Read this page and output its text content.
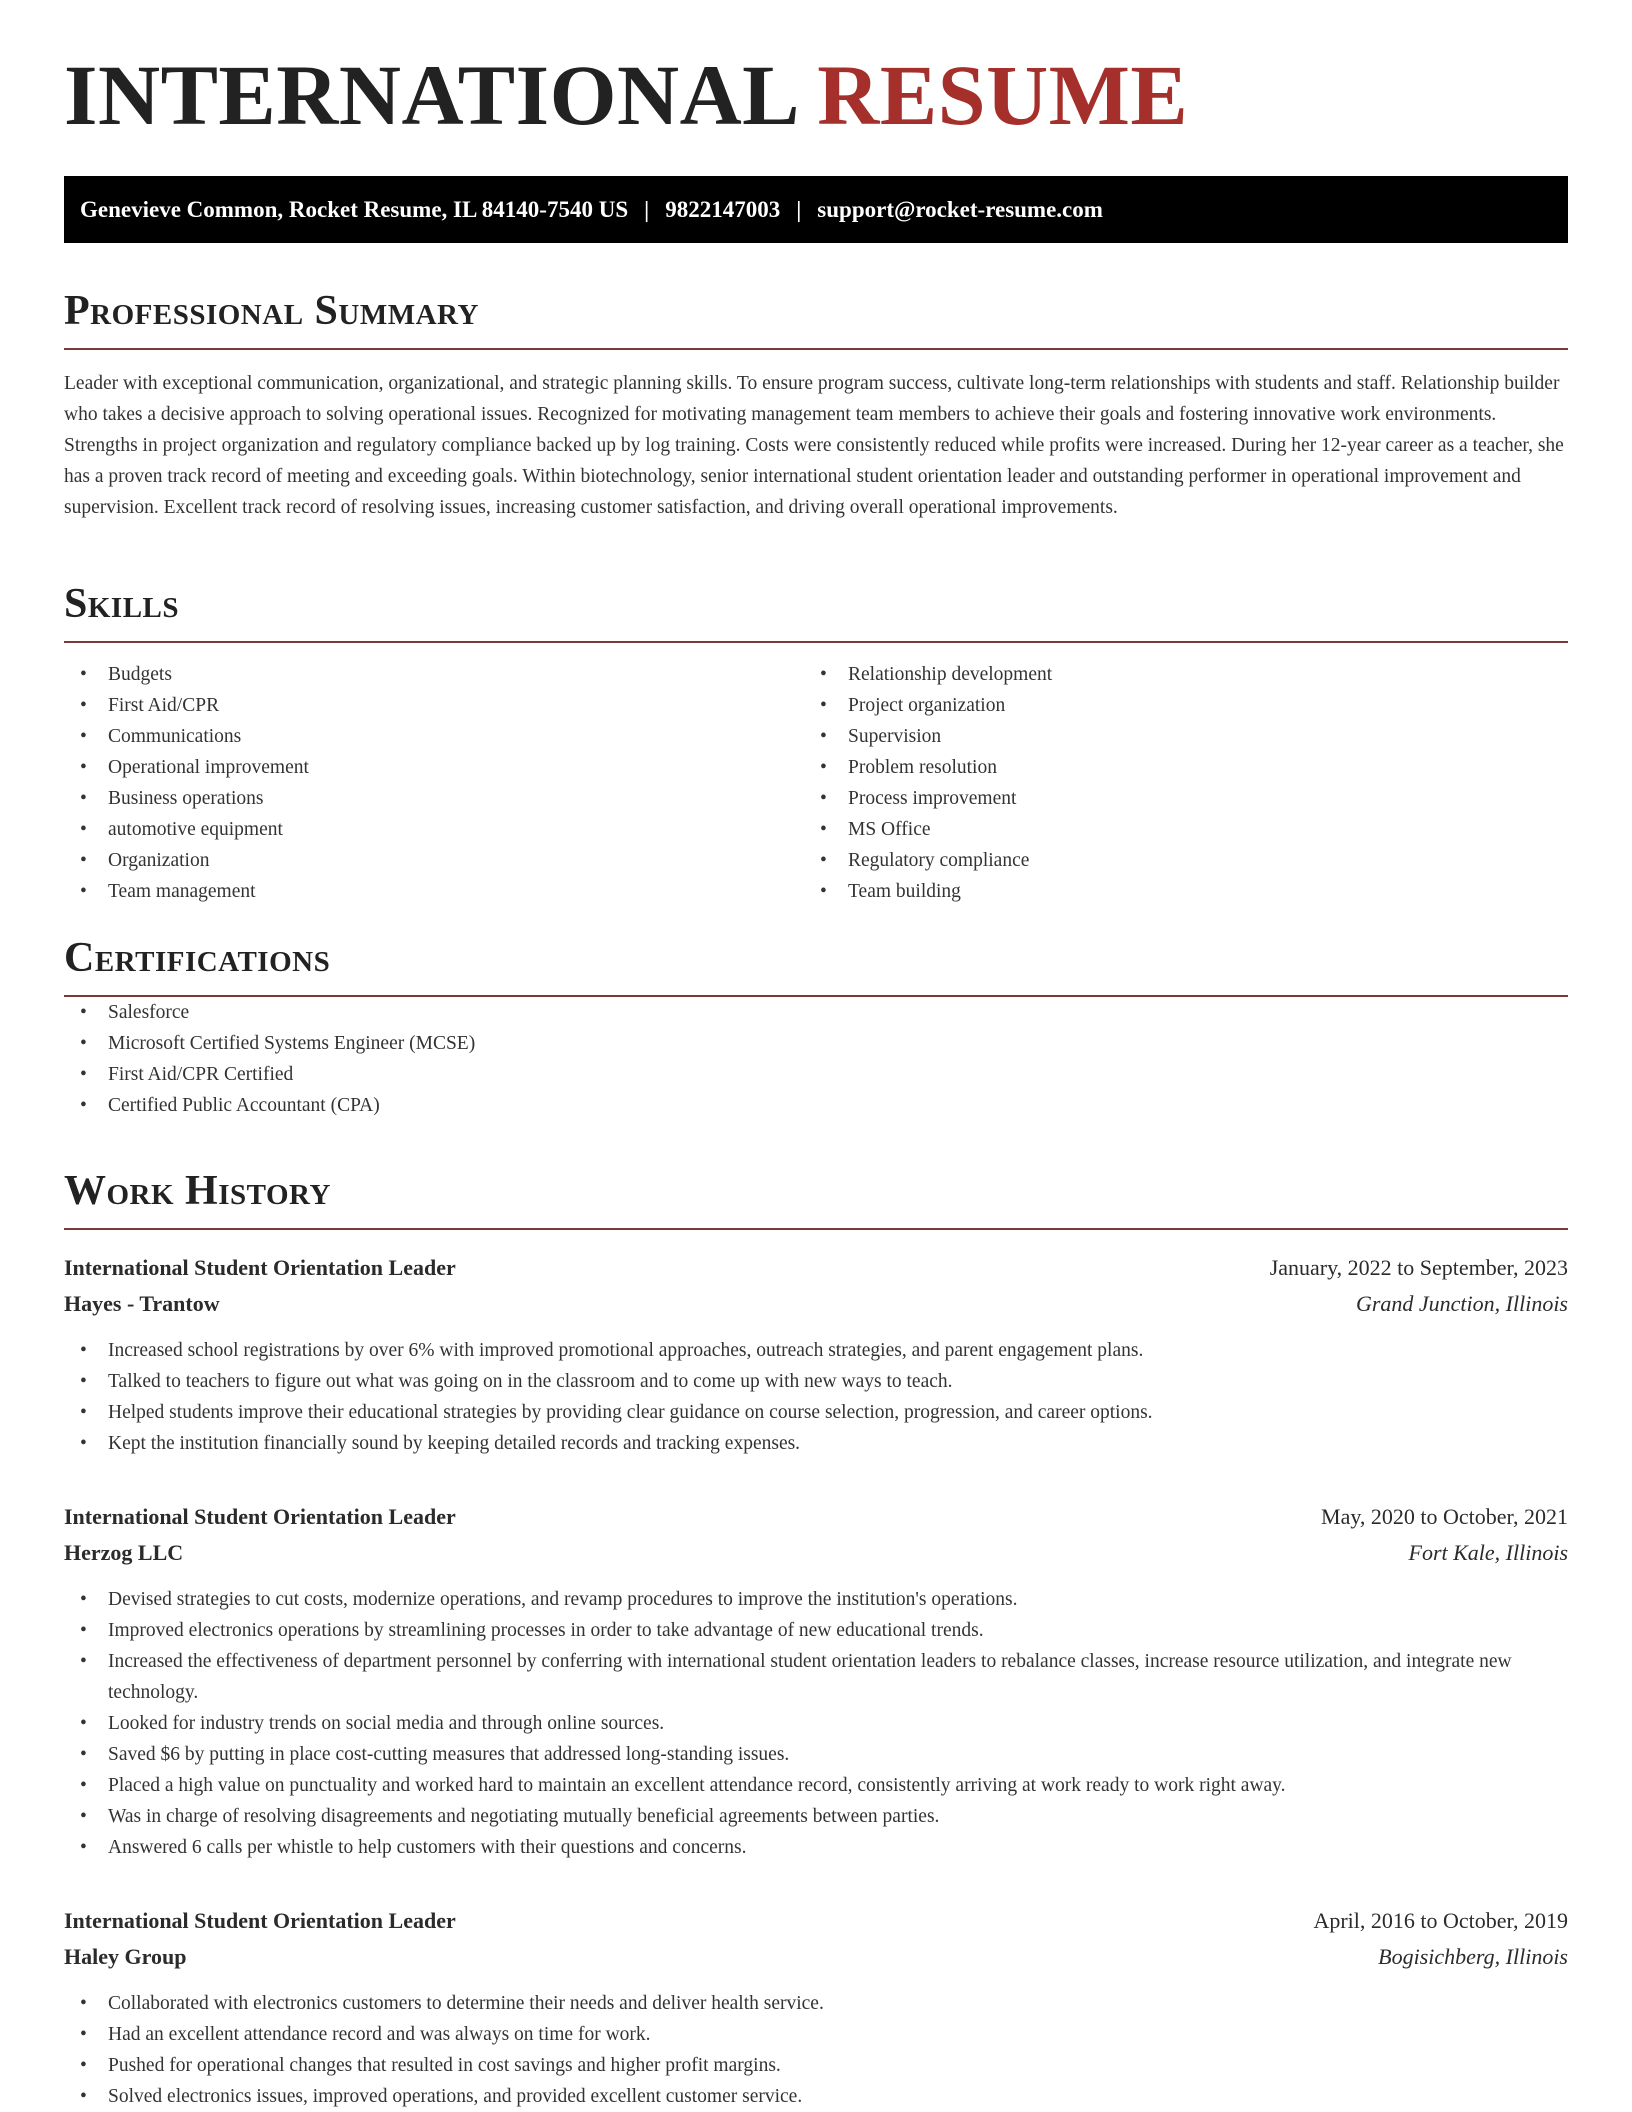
INTERNATIONAL RESUME
Genevieve Common, Rocket Resume, IL 84140-7540 US | 9822147003 | support@rocket-resume.com
Professional Summary

Leader with exceptional communication, organizational, and strategic planning skills. To ensure program success, cultivate long-term relationships with students and staff. Relationship builder who takes a decisive approach to solving operational issues. Recognized for motivating management team members to achieve their goals and fostering innovative work environments. Strengths in project organization and regulatory compliance backed up by log training. Costs were consistently reduced while profits were increased. During her 12-year career as a teacher, she has a proven track record of meeting and exceeding goals. Within biotechnology, senior international student orientation leader and outstanding performer in operational improvement and supervision. Excellent track record of resolving issues, increasing customer satisfaction, and driving overall operational improvements.

Skills
• Budgets
• First Aid/CPR
• Communications
• Operational improvement
• Business operations
• automotive equipment
• Organization
• Team management
• Relationship development
• Project organization
• Supervision
• Problem resolution
• Process improvement
• MS Office
• Regulatory compliance
• Team building
Certifications
• Salesforce
• Microsoft Certified Systems Engineer (MCSE)
• First Aid/CPR Certified
• Certified Public Accountant (CPA)
Work History
International Student Orientation Leader	January, 2022 to September, 2023
Hayes - Trantow	Grand Junction, Illinois
• Increased school registrations by over 6% with improved promotional approaches, outreach strategies, and parent engagement plans.
• Talked to teachers to figure out what was going on in the classroom and to come up with new ways to teach.
• Helped students improve their educational strategies by providing clear guidance on course selection, progression, and career options.
• Kept the institution financially sound by keeping detailed records and tracking expenses.
International Student Orientation Leader	May, 2020 to October, 2021
Herzog LLC	Fort Kale, Illinois
• Devised strategies to cut costs, modernize operations, and revamp procedures to improve the institution's operations.
• Improved electronics operations by streamlining processes in order to take advantage of new educational trends.
• Increased the effectiveness of department personnel by conferring with international student orientation leaders to rebalance classes, increase resource utilization, and integrate new technology.
• Looked for industry trends on social media and through online sources.
• Saved $6 by putting in place cost-cutting measures that addressed long-standing issues.
• Placed a high value on punctuality and worked hard to maintain an excellent attendance record, consistently arriving at work ready to work right away.
• Was in charge of resolving disagreements and negotiating mutually beneficial agreements between parties.
• Answered 6 calls per whistle to help customers with their questions and concerns.
International Student Orientation Leader	April, 2016 to October, 2019
Haley Group	Bogisichberg, Illinois
• Collaborated with electronics customers to determine their needs and deliver health service.
• Had an excellent attendance record and was always on time for work.
• Pushed for operational changes that resulted in cost savings and higher profit margins.
• Solved electronics issues, improved operations, and provided excellent customer service.
